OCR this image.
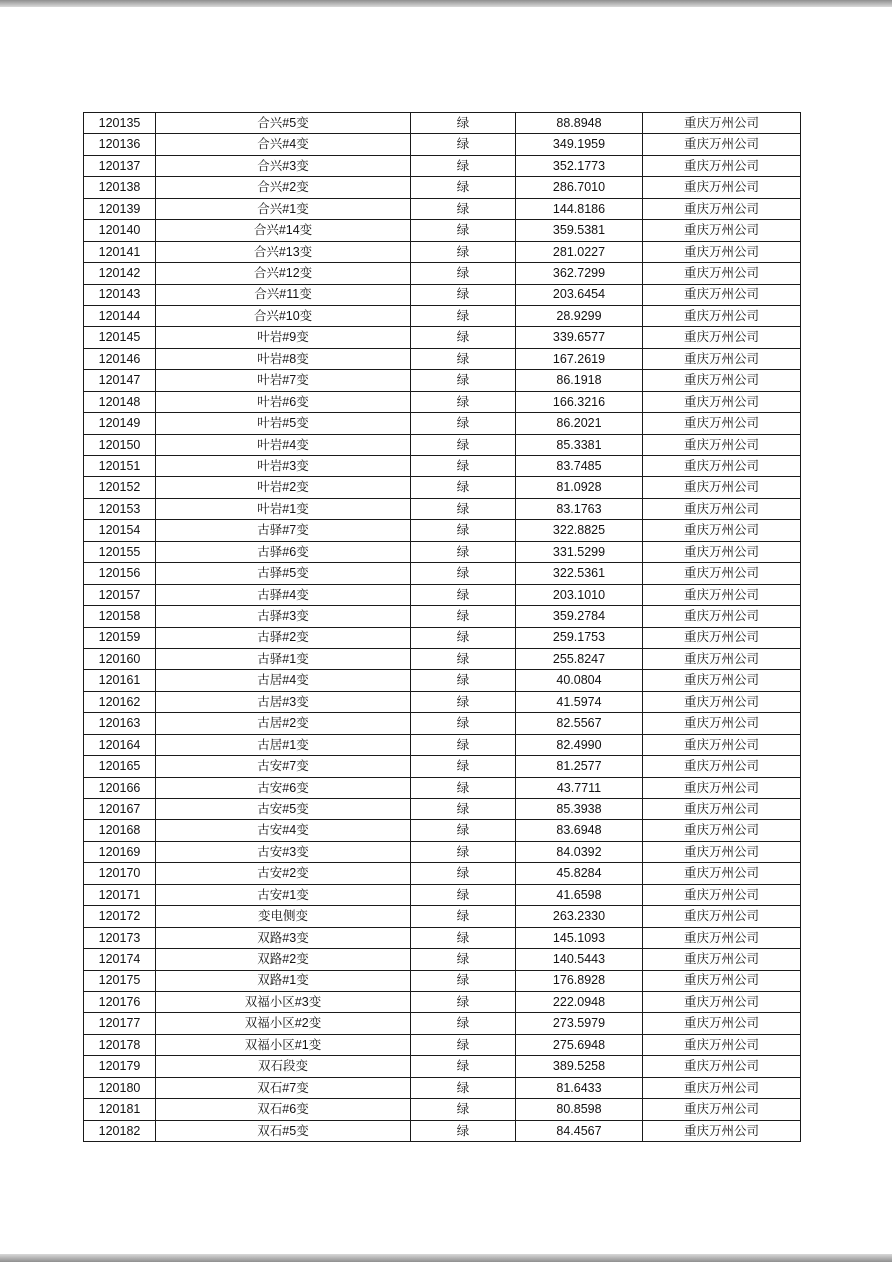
120135	合兴#5变	绿	88.8948	重庆万州公司
120136	合兴#4变	绿	349.1959	重庆万州公司
120137	合兴#3变	绿	352.1773	重庆万州公司
120138	合兴#2变	绿	286.7010	重庆万州公司
120139	合兴#1变	绿	144.8186	重庆万州公司
120140	合兴#14变	绿	359.5381	重庆万州公司
120141	合兴#13变	绿	281.0227	重庆万州公司
120142	合兴#12变	绿	362.7299	重庆万州公司
120143	合兴#11变	绿	203.6454	重庆万州公司
120144	合兴#10变	绿	28.9299	重庆万州公司
120145	叶岩#9变	绿	339.6577	重庆万州公司
120146	叶岩#8变	绿	167.2619	重庆万州公司
120147	叶岩#7变	绿	86.1918	重庆万州公司
120148	叶岩#6变	绿	166.3216	重庆万州公司
120149	叶岩#5变	绿	86.2021	重庆万州公司
120150	叶岩#4变	绿	85.3381	重庆万州公司
120151	叶岩#3变	绿	83.7485	重庆万州公司
120152	叶岩#2变	绿	81.0928	重庆万州公司
120153	叶岩#1变	绿	83.1763	重庆万州公司
120154	古驿#7变	绿	322.8825	重庆万州公司
120155	古驿#6变	绿	331.5299	重庆万州公司
120156	古驿#5变	绿	322.5361	重庆万州公司
120157	古驿#4变	绿	203.1010	重庆万州公司
120158	古驿#3变	绿	359.2784	重庆万州公司
120159	古驿#2变	绿	259.1753	重庆万州公司
120160	古驿#1变	绿	255.8247	重庆万州公司
120161	古居#4变	绿	40.0804	重庆万州公司
120162	古居#3变	绿	41.5974	重庆万州公司
120163	古居#2变	绿	82.5567	重庆万州公司
120164	古居#1变	绿	82.4990	重庆万州公司
120165	古安#7变	绿	81.2577	重庆万州公司
120166	古安#6变	绿	43.7711	重庆万州公司
120167	古安#5变	绿	85.3938	重庆万州公司
120168	古安#4变	绿	83.6948	重庆万州公司
120169	古安#3变	绿	84.0392	重庆万州公司
120170	古安#2变	绿	45.8284	重庆万州公司
120171	古安#1变	绿	41.6598	重庆万州公司
120172	变电侧变	绿	263.2330	重庆万州公司
120173	双路#3变	绿	145.1093	重庆万州公司
120174	双路#2变	绿	140.5443	重庆万州公司
120175	双路#1变	绿	176.8928	重庆万州公司
120176	双福小区#3变	绿	222.0948	重庆万州公司
120177	双福小区#2变	绿	273.5979	重庆万州公司
120178	双福小区#1变	绿	275.6948	重庆万州公司
120179	双石段变	绿	389.5258	重庆万州公司
120180	双石#7变	绿	81.6433	重庆万州公司
120181	双石#6变	绿	80.8598	重庆万州公司
120182	双石#5变	绿	84.4567	重庆万州公司
